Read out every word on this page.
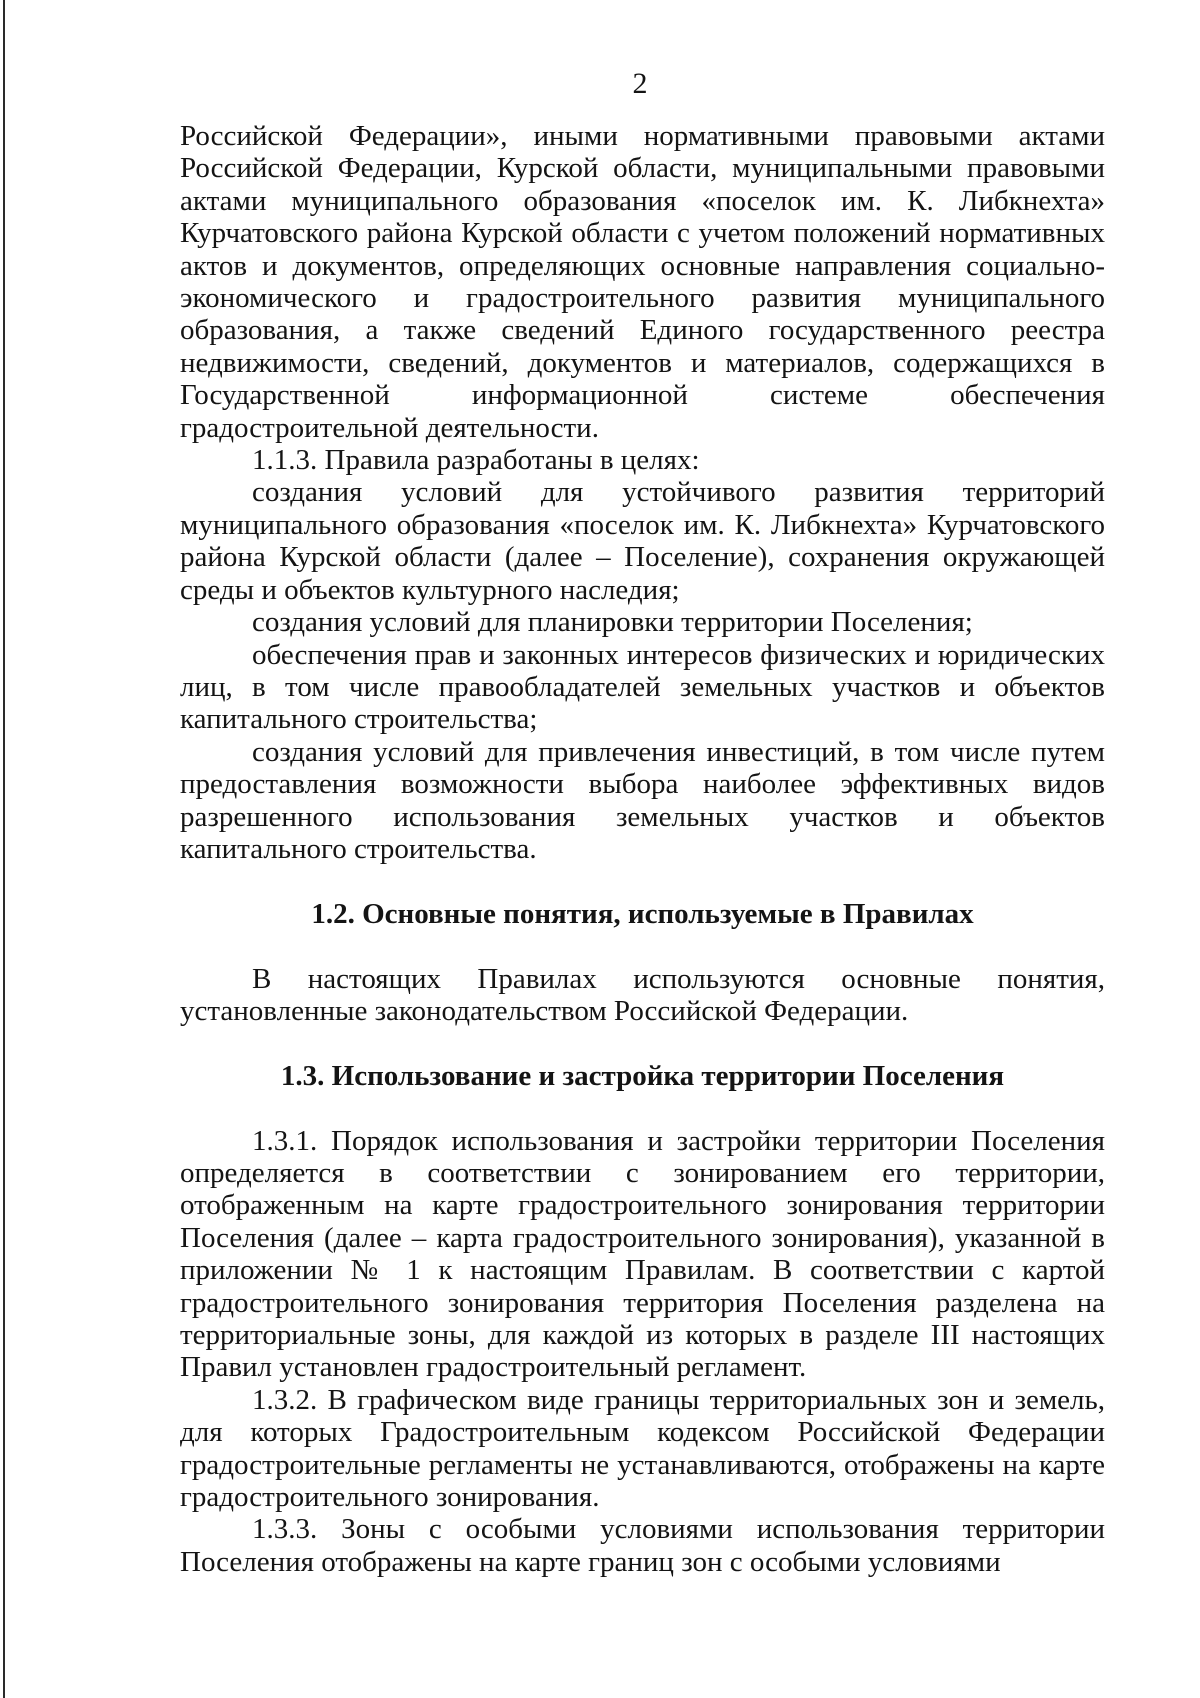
2

Российской Федерации», иными нормативными правовыми актами Российской Федерации, Курской области, муниципальными правовыми актами муниципального образования «поселок им. К. Либкнехта» Курчатовского района Курской области с учетом положений нормативных актов и документов, определяющих основные направления социально-экономического и градостроительного развития муниципального образования, а также сведений Единого государственного реестра недвижимости, сведений, документов и материалов, содержащихся в Государственной информационной системе обеспечения градостроительной деятельности.

1.1.3. Правила разработаны в целях:

создания условий для устойчивого развития территорий муниципального образования «поселок им. К. Либкнехта» Курчатовского района Курской области (далее – Поселение), сохранения окружающей среды и объектов культурного наследия;

создания условий для планировки территории Поселения;

обеспечения прав и законных интересов физических и юридических лиц, в том числе правообладателей земельных участков и объектов капитального строительства;

создания условий для привлечения инвестиций, в том числе путем предоставления возможности выбора наиболее эффективных видов разрешенного использования земельных участков и объектов капитального строительства.

1.2. Основные понятия, используемые в Правилах

В настоящих Правилах используются основные понятия, установленные законодательством Российской Федерации.

1.3. Использование и застройка территории Поселения

1.3.1. Порядок использования и застройки территории Поселения определяется в соответствии с зонированием его территории, отображенным на карте градостроительного зонирования территории Поселения (далее – карта градостроительного зонирования), указанной в приложении № 1 к настоящим Правилам. В соответствии с картой градостроительного зонирования территория Поселения разделена на территориальные зоны, для каждой из которых в разделе III настоящих Правил установлен градостроительный регламент.

1.3.2. В графическом виде границы территориальных зон и земель, для которых Градостроительным кодексом Российской Федерации градостроительные регламенты не устанавливаются, отображены на карте градостроительного зонирования.

1.3.3. Зоны с особыми условиями использования территории Поселения отображены на карте границ зон с особыми условиями
